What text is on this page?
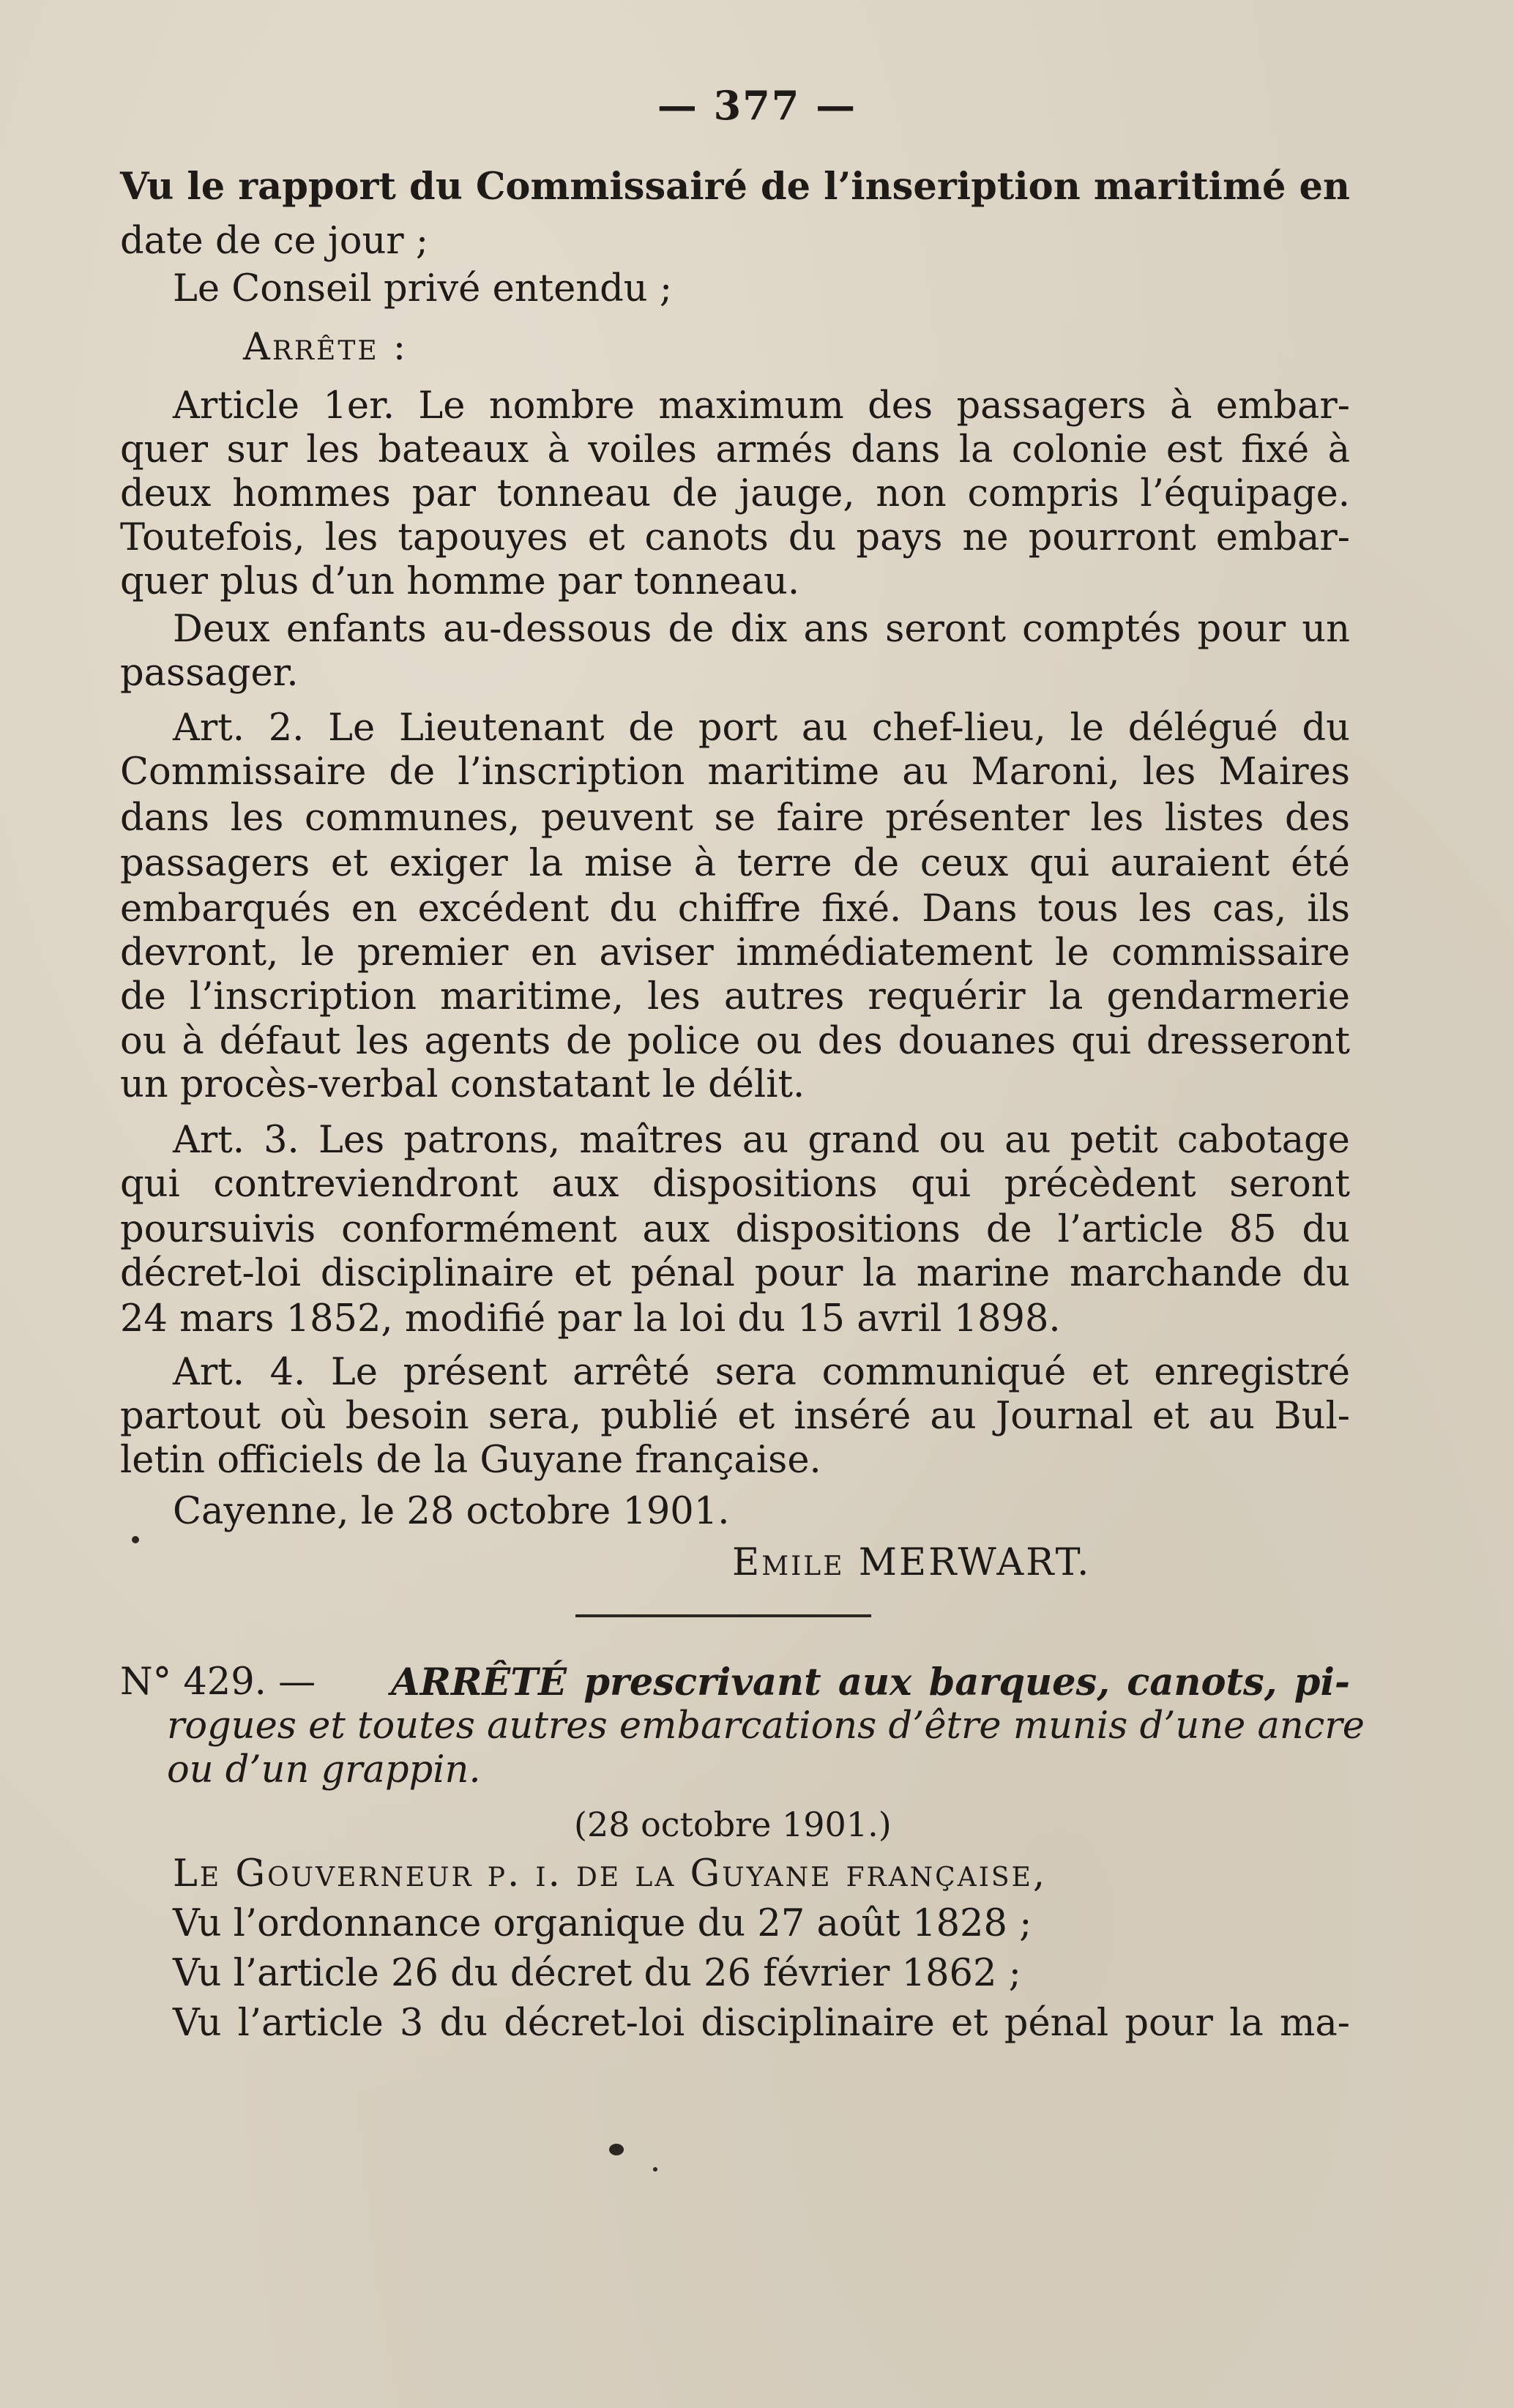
— 377 —
Vu le rapport du Commissairé de l’inseription maritimé en
date de ce jour ;
Le Conseil privé entendu ;
Arrête :
Article 1er. Le nombre maximum des passagers à embar-
quer sur les bateaux à voiles armés dans la colonie est fixé à
deux hommes par tonneau de jauge, non compris l’équipage.
Toutefois, les tapouyes et canots du pays ne pourront embar-
quer plus d’un homme par tonneau.
Deux enfants au-dessous de dix ans seront comptés pour un
passager.
Art. 2. Le Lieutenant de port au chef-lieu, le délégué du
Commissaire de l’inscription maritime au Maroni, les Maires
dans les communes, peuvent se faire présenter les listes des
passagers et exiger la mise à terre de ceux qui auraient été
embarqués en excédent du chiffre fixé. Dans tous les cas, ils
devront, le premier en aviser immédiatement le commissaire
de l’inscription maritime, les autres requérir la gendarmerie
ou à défaut les agents de police ou des douanes qui dresseront
un procès-verbal constatant le délit.
Art. 3. Les patrons, maîtres au grand ou au petit cabotage
qui contreviendront aux dispositions qui précèdent seront
poursuivis conformément aux dispositions de l’article 85 du
décret-loi disciplinaire et pénal pour la marine marchande du
24 mars 1852, modifié par la loi du 15 avril 1898.
Art. 4. Le présent arrêté sera communiqué et enregistré
partout où besoin sera, publié et inséré au Journal et au Bul-
letin officiels de la Guyane française.
Cayenne, le 28 octobre 1901.
Emile MERWART.
N° 429. —	ARRÊTÉ prescrivant aux barques, canots, pi-
rogues et toutes autres embarcations d’être munis d’une ancre
ou d’un grappin.
(28 octobre 1901.)
Le Gouverneur p. i. de la Guyane française,
Vu l’ordonnance organique du 27 août 1828 ;
Vu l’article 26 du décret du 26 février 1862 ;
Vu l’article 3 du décret-loi disciplinaire et pénal pour la ma-
